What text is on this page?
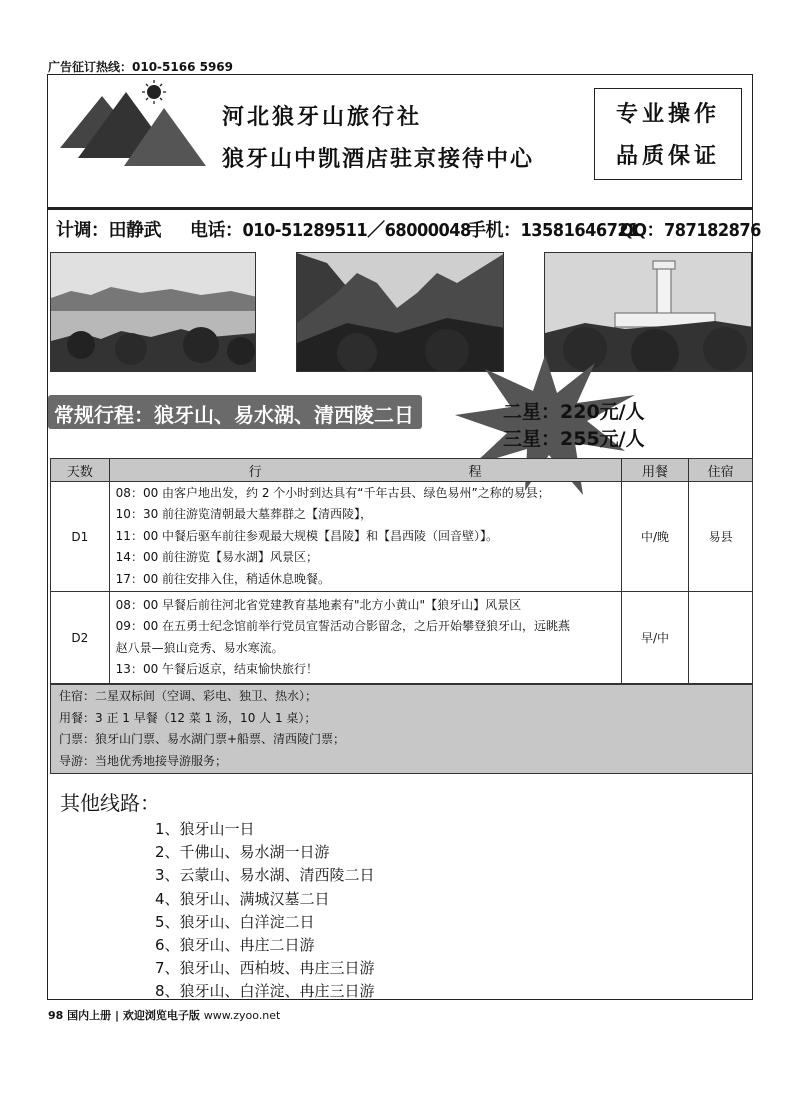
广告征订热线：010-5166 5969
河北狼牙山旅行社
狼牙山中凯酒店驻京接待中心
专业操作
品质保证
计调：田静武 电话：010-51289511／68000048
手机：13581646721
QQ：787182876
常规行程：狼牙山、易水湖、清西陵二日	二星：220元/人
三星：255元/人
天数	行 程	用餐	住宿
D1	08：00 由客户地出发，约 2 个小时到达具有“千年古县、绿色易州”之称的易县；
10：30 前往游览清朝最大墓葬群之【清西陵】，
11：00 中餐后驱车前往参观最大规模【昌陵】和【昌西陵（回音壁）】。
14：00 前往游览【易水湖】风景区；
17：00 前往安排入住，稍适休息晚餐。	中/晚	易县
D2	08：00 早餐后前往河北省党建教育基地素有"北方小黄山"【狼牙山】风景区
09：00 在五勇士纪念馆前举行党员宣誓活动合影留念，之后开始攀登狼牙山，远眺燕
赵八景—狼山竞秀、易水寒流。
13：00 午餐后返京，结束愉快旅行！	早/中	
住宿：二星双标间（空调、彩电、独卫、热水）；
用餐：3 正 1 早餐（12 菜 1 汤，10 人 1 桌）；
门票：狼牙山门票、易水湖门票+船票、清西陵门票；
导游：当地优秀地接导游服务；
其他线路：
1、狼牙山一日
2、千佛山、易水湖一日游
3、云蒙山、易水湖、清西陵二日
4、狼牙山、满城汉墓二日
5、狼牙山、白洋淀二日
6、狼牙山、冉庄二日游
7、狼牙山、西柏坡、冉庄三日游
8、狼牙山、白洋淀、冉庄三日游
98 国内上册 | 欢迎浏览电子版 www.zyoo.net
